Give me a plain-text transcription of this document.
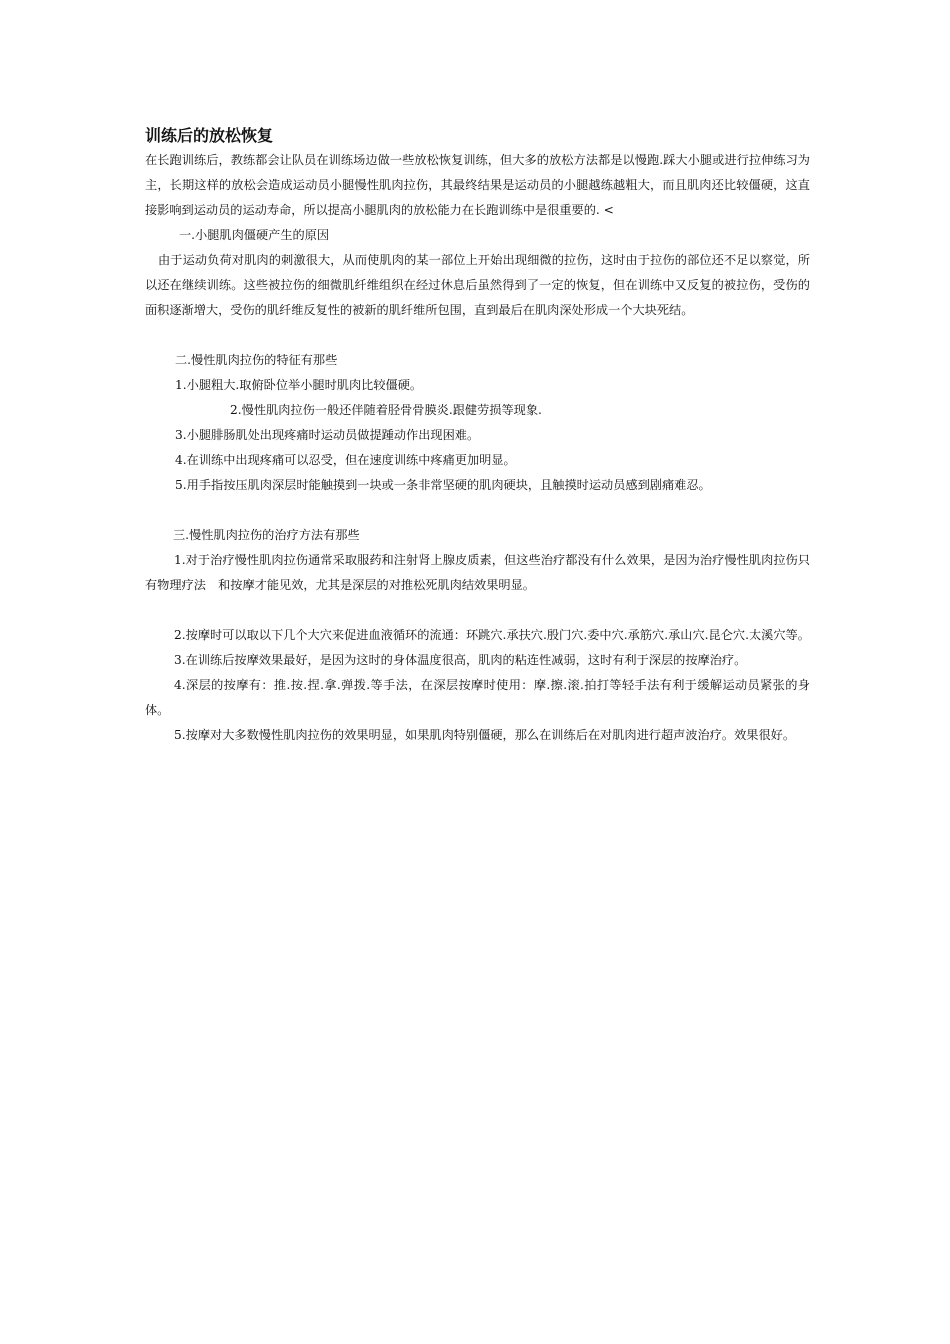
训练后的放松恢复

在长跑训练后，教练都会让队员在训练场边做一些放松恢复训练，但大多的放松方法都是以慢跑.踩大小腿或进行拉伸练习为主，长期这样的放松会造成运动员小腿慢性肌肉拉伤，其最终结果是运动员的小腿越练越粗大，而且肌肉还比较僵硬，这直接影响到运动员的运动寿命，所以提高小腿肌肉的放松能力在长跑训练中是很重要的. <

一.小腿肌肉僵硬产生的原因

由于运动负荷对肌肉的刺激很大，从而使肌肉的某一部位上开始出现细微的拉伤，这时由于拉伤的部位还不足以察觉，所以还在继续训练。这些被拉伤的细微肌纤维组织在经过休息后虽然得到了一定的恢复，但在训练中又反复的被拉伤，受伤的面积逐渐增大，受伤的肌纤维反复性的被新的肌纤维所包围，直到最后在肌肉深处形成一个大块死结。

二.慢性肌肉拉伤的特征有那些

1.小腿粗大.取俯卧位举小腿时肌肉比较僵硬。

2.慢性肌肉拉伤一般还伴随着胫骨骨膜炎.跟健劳损等现象.

3.小腿腓肠肌处出现疼痛时运动员做提踵动作出现困难。

4.在训练中出现疼痛可以忍受，但在速度训练中疼痛更加明显。

5.用手指按压肌肉深层时能触摸到一块或一条非常坚硬的肌肉硬块，且触摸时运动员感到剧痛难忍。

三.慢性肌肉拉伤的治疗方法有那些

1.对于治疗慢性肌肉拉伤通常采取服药和注射肾上腺皮质素，但这些治疗都没有什么效果，是因为治疗慢性肌肉拉伤只有物理疗法　和按摩才能见效，尤其是深层的对推松死肌肉结效果明显。

2.按摩时可以取以下几个大穴来促进血液循环的流通：环跳穴.承扶穴.殷门穴.委中穴.承筋穴.承山穴.昆仑穴.太溪穴等。

3.在训练后按摩效果最好，是因为这时的身体温度很高，肌肉的粘连性减弱，这时有利于深层的按摩治疗。

4.深层的按摩有：推.按.捏.拿.弹拨.等手法，在深层按摩时使用：摩.擦.滚.拍打等轻手法有利于缓解运动员紧张的身体。

5.按摩对大多数慢性肌肉拉伤的效果明显，如果肌肉特别僵硬，那么在训练后在对肌肉进行超声波治疗。效果很好。
